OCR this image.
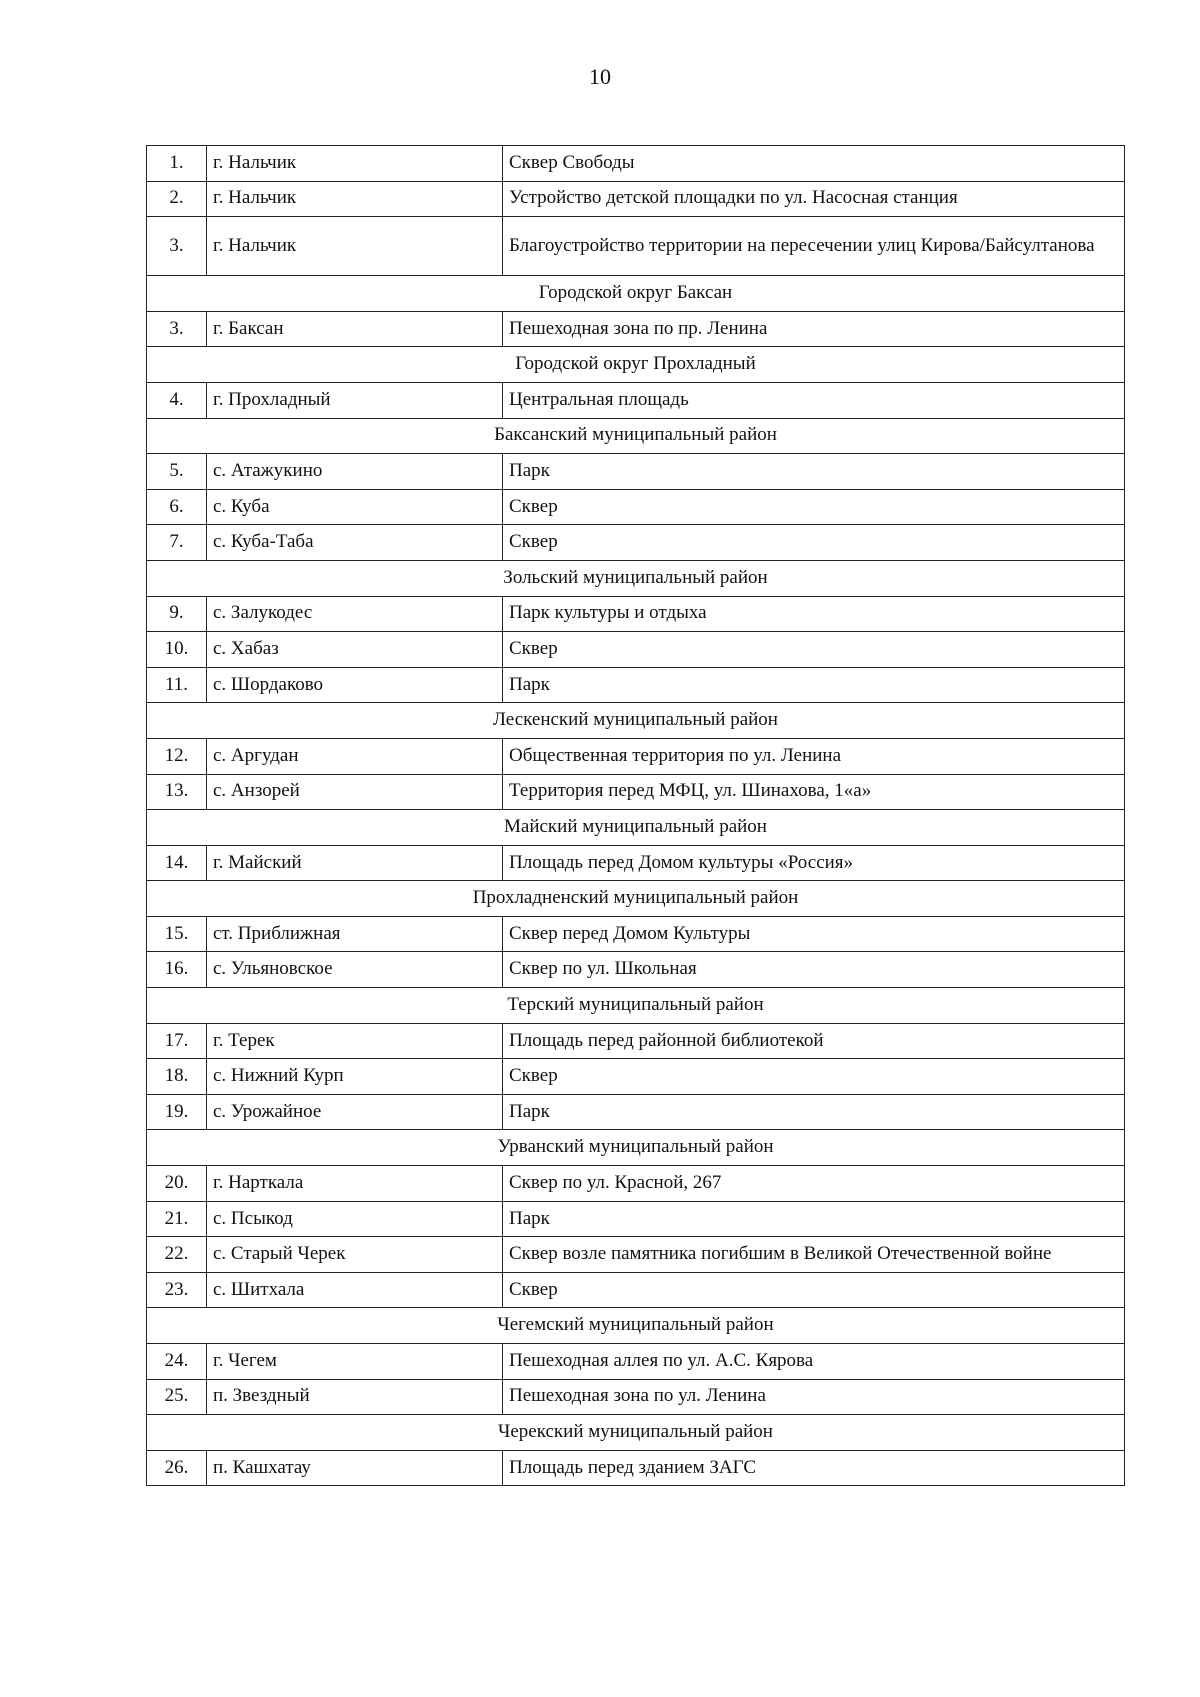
10
1.	г. Нальчик	Сквер Свободы
2.	г. Нальчик	Устройство детской площадки по ул. Насосная станция
3.	г. Нальчик	Благоустройство территории на пересечении улиц Кирова/Байсултанова
Городской округ Баксан		
3.	г. Баксан	Пешеходная зона по пр. Ленина
Городской округ Прохладный		
4.	г. Прохладный	Центральная площадь
Баксанский муниципальный район		
5.	с. Атажукино	Парк
6.	с. Куба	Сквер
7.	с. Куба-Таба	Сквер
Зольский муниципальный район		
9.	с. Залукодес	Парк культуры и отдыха
10.	с. Хабаз	Сквер
11.	с. Шордаково	Парк
Лескенский муниципальный район		
12.	с. Аргудан	Общественная территория по ул. Ленина
13.	с. Анзорей	Территория перед МФЦ, ул. Шинахова, 1«а»
Майский муниципальный район		
14.	г. Майский	Площадь перед Домом культуры «Россия»
Прохладненский муниципальный район		
15.	ст. Приближная	Сквер перед Домом Культуры
16.	с. Ульяновское	Сквер по ул. Школьная
Терский муниципальный район		
17.	г. Терек	Площадь перед районной библиотекой
18.	с. Нижний Курп	Сквер
19.	с. Урожайное	Парк
Урванский муниципальный район		
20.	г. Нарткала	Сквер по ул. Красной, 267
21.	с. Псыкод	Парк
22.	с. Старый Черек	Сквер возле памятника погибшим в Великой Отечественной войне
23.	с. Шитхала	Сквер
Чегемский муниципальный район		
24.	г. Чегем	Пешеходная аллея по ул. А.С. Кярова
25.	п. Звездный	Пешеходная зона по ул. Ленина
Черекский муниципальный район		
26.	п. Кашхатау	Площадь перед зданием ЗАГС
